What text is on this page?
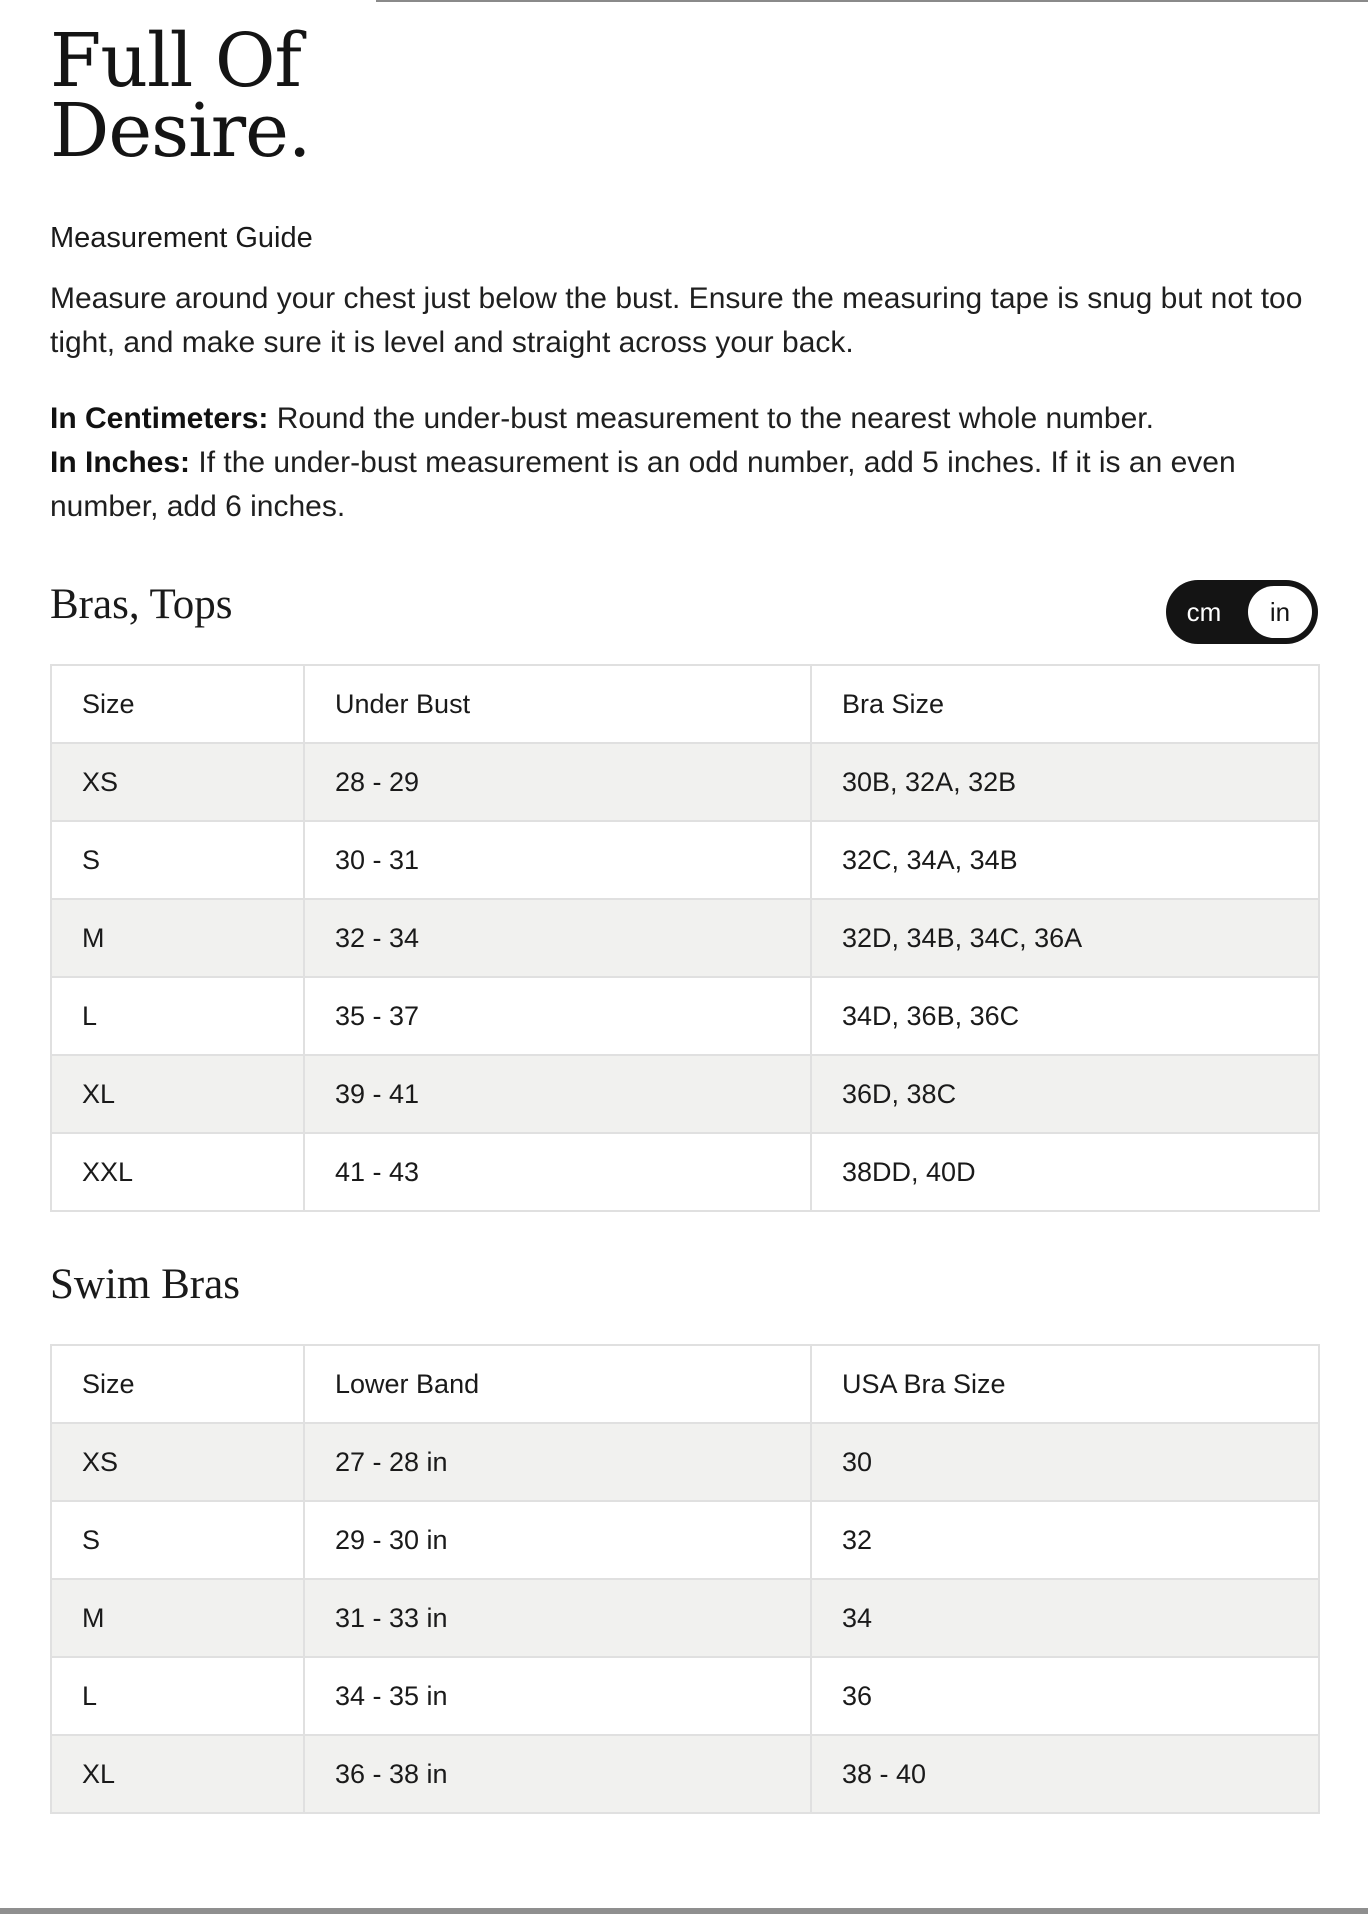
Full Of
Desire.
Measurement Guide
Measure around your chest just below the bust. Ensure the measuring tape is snug but not too tight, and make sure it is level and straight across your back.
In Centimeters: Round the under-bust measurement to the nearest whole number.
In Inches: If the under-bust measurement is an odd number, add 5 inches. If it is an even number, add 6 inches.
Bras, Tops	cm	in
Size	Under Bust	Bra Size
XS	28 - 29	30B, 32A, 32B
S	30 - 31	32C, 34A, 34B
M	32 - 34	32D, 34B, 34C, 36A
L	35 - 37	34D, 36B, 36C
XL	39 - 41	36D, 38C
XXL	41 - 43	38DD, 40D
Swim Bras
Size	Lower Band	USA Bra Size
XS	27 - 28 in	30
S	29 - 30 in	32
M	31 - 33 in	34
L	34 - 35 in	36
XL	36 - 38 in	38 - 40
